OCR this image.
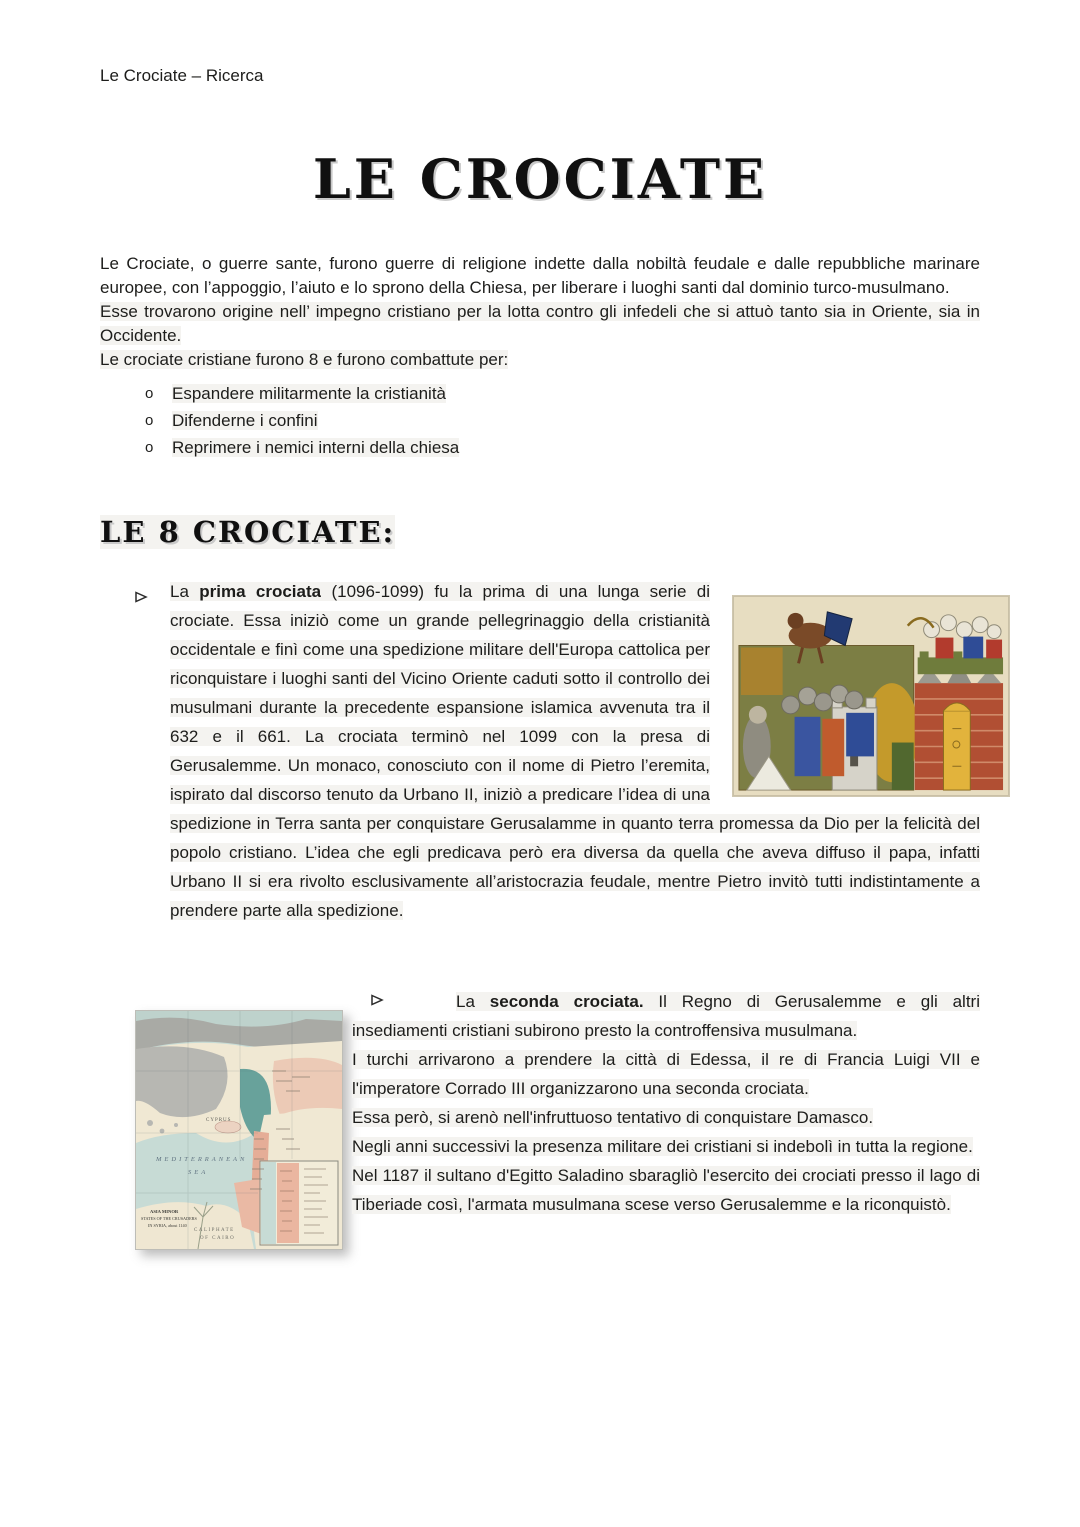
Le Crociate – Ricerca
LE CROCIATE
Le Crociate, o guerre sante, furono guerre di religione indette dalla nobiltà feudale e dalle repubbliche marinare europee, con l’appoggio, l’aiuto e lo sprono della Chiesa, per liberare i luoghi santi dal dominio turco-musulmano.
Esse trovarono origine nell’ impegno cristiano per la lotta contro gli infedeli che si attuò tanto sia in Oriente, sia in Occidente.
Le crociate cristiane furono 8 e furono combattute per:
o Espandere militarmente la cristianità
o Difenderne i confini
o Reprimere i nemici interni della chiesa
LE 8 CROCIATE:
La prima crociata (1096-1099) fu la prima di una lunga serie di crociate. Essa iniziò come un grande pellegrinaggio della cristianità occidentale e finì come una spedizione militare dell'Europa cattolica per riconquistare i luoghi santi del Vicino Oriente caduti sotto il controllo dei musulmani durante la precedente espansione islamica avvenuta tra il 632 e il 661. La crociata terminò nel 1099 con la presa di Gerusalemme. Un monaco, conosciuto con il nome di Pietro l’eremita, ispirato dal discorso tenuto da Urbano II, iniziò a predicare l’idea di una spedizione in Terra santa per conquistare Gerusalamme in quanto terra promessa da Dio per la felicità del popolo cristiano. L’idea che egli predicava però era diversa da quella che aveva diffuso il papa, infatti Urbano II si era rivolto esclusivamente all’aristocrazia feudale, mentre Pietro invitò tutti indistintamente a prendere parte alla spedizione.
MEDITERRANEAN
SEA
CYPRUS
ASIA MINOR
STATES OF THE CRUSADERS
IN SYRIA, about 1140
CALIPHATE
OF CAIRO
La seconda crociata. Il Regno di Gerusalemme e gli altri insediamenti cristiani subirono presto la controffensiva musulmana.
I turchi arrivarono a prendere la città di Edessa, il re di Francia Luigi VII e l'imperatore Corrado III organizzarono una seconda crociata.
Essa però, si arenò nell'infruttuoso tentativo di conquistare Damasco.
Negli anni successivi la presenza militare dei cristiani si indebolì in tutta la regione.
Nel 1187 il sultano d'Egitto Saladino sbaragliò l'esercito dei crociati presso il lago di Tiberiade così, l'armata musulmana scese verso Gerusalemme e la riconquistò.
